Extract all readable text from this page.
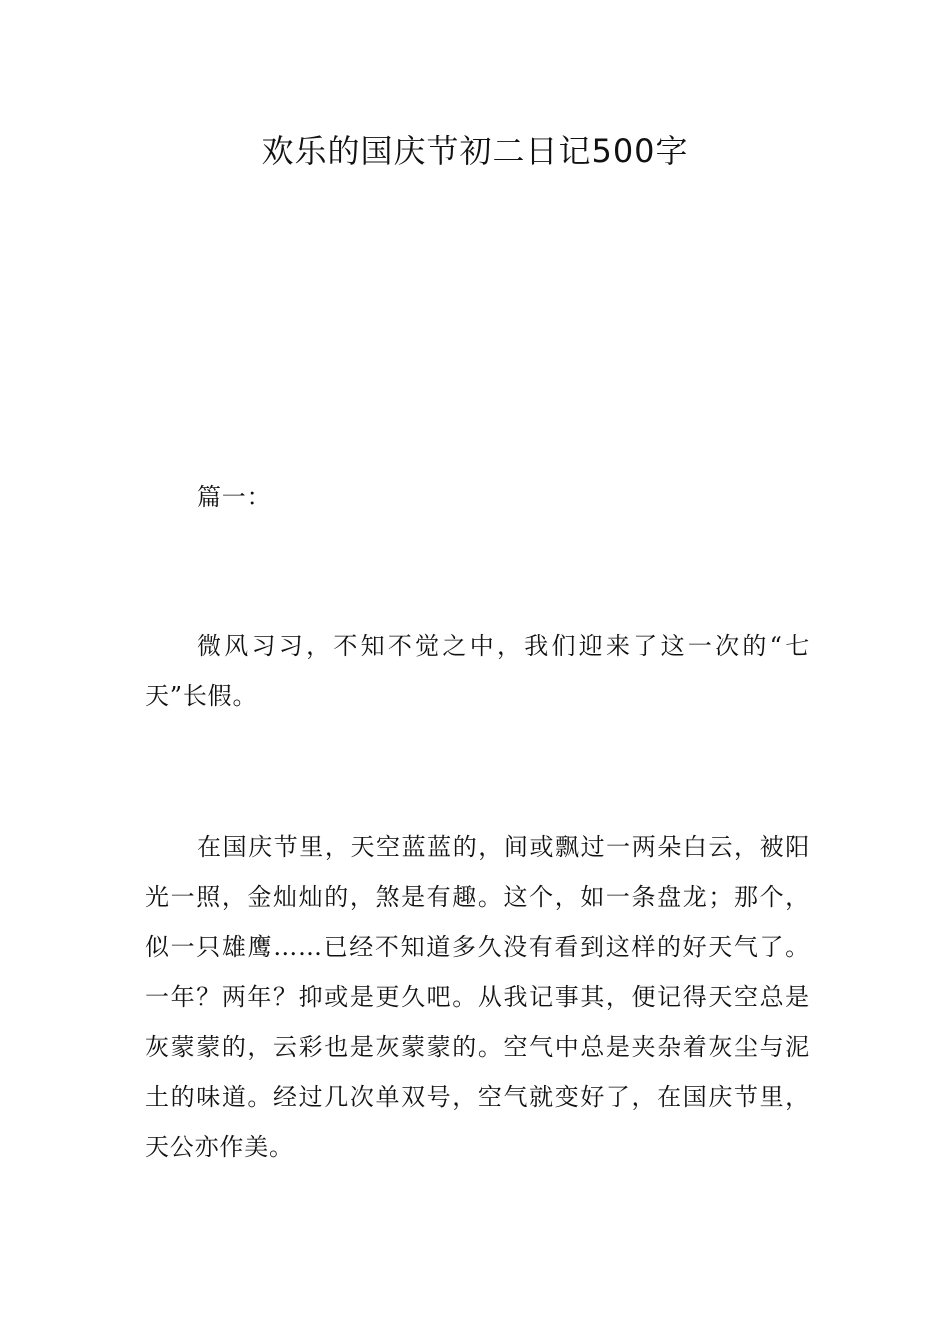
欢乐的国庆节初二日记500字

篇一：

微风习习，不知不觉之中，我们迎来了这一次的“七天”长假。

在国庆节里，天空蓝蓝的，间或飘过一两朵白云，被阳光一照，金灿灿的，煞是有趣。这个，如一条盘龙；那个，似一只雄鹰……已经不知道多久没有看到这样的好天气了。一年？两年？抑或是更久吧。从我记事其，便记得天空总是灰蒙蒙的，云彩也是灰蒙蒙的。空气中总是夹杂着灰尘与泥土的味道。经过几次单双号，空气就变好了，在国庆节里，天公亦作美。
